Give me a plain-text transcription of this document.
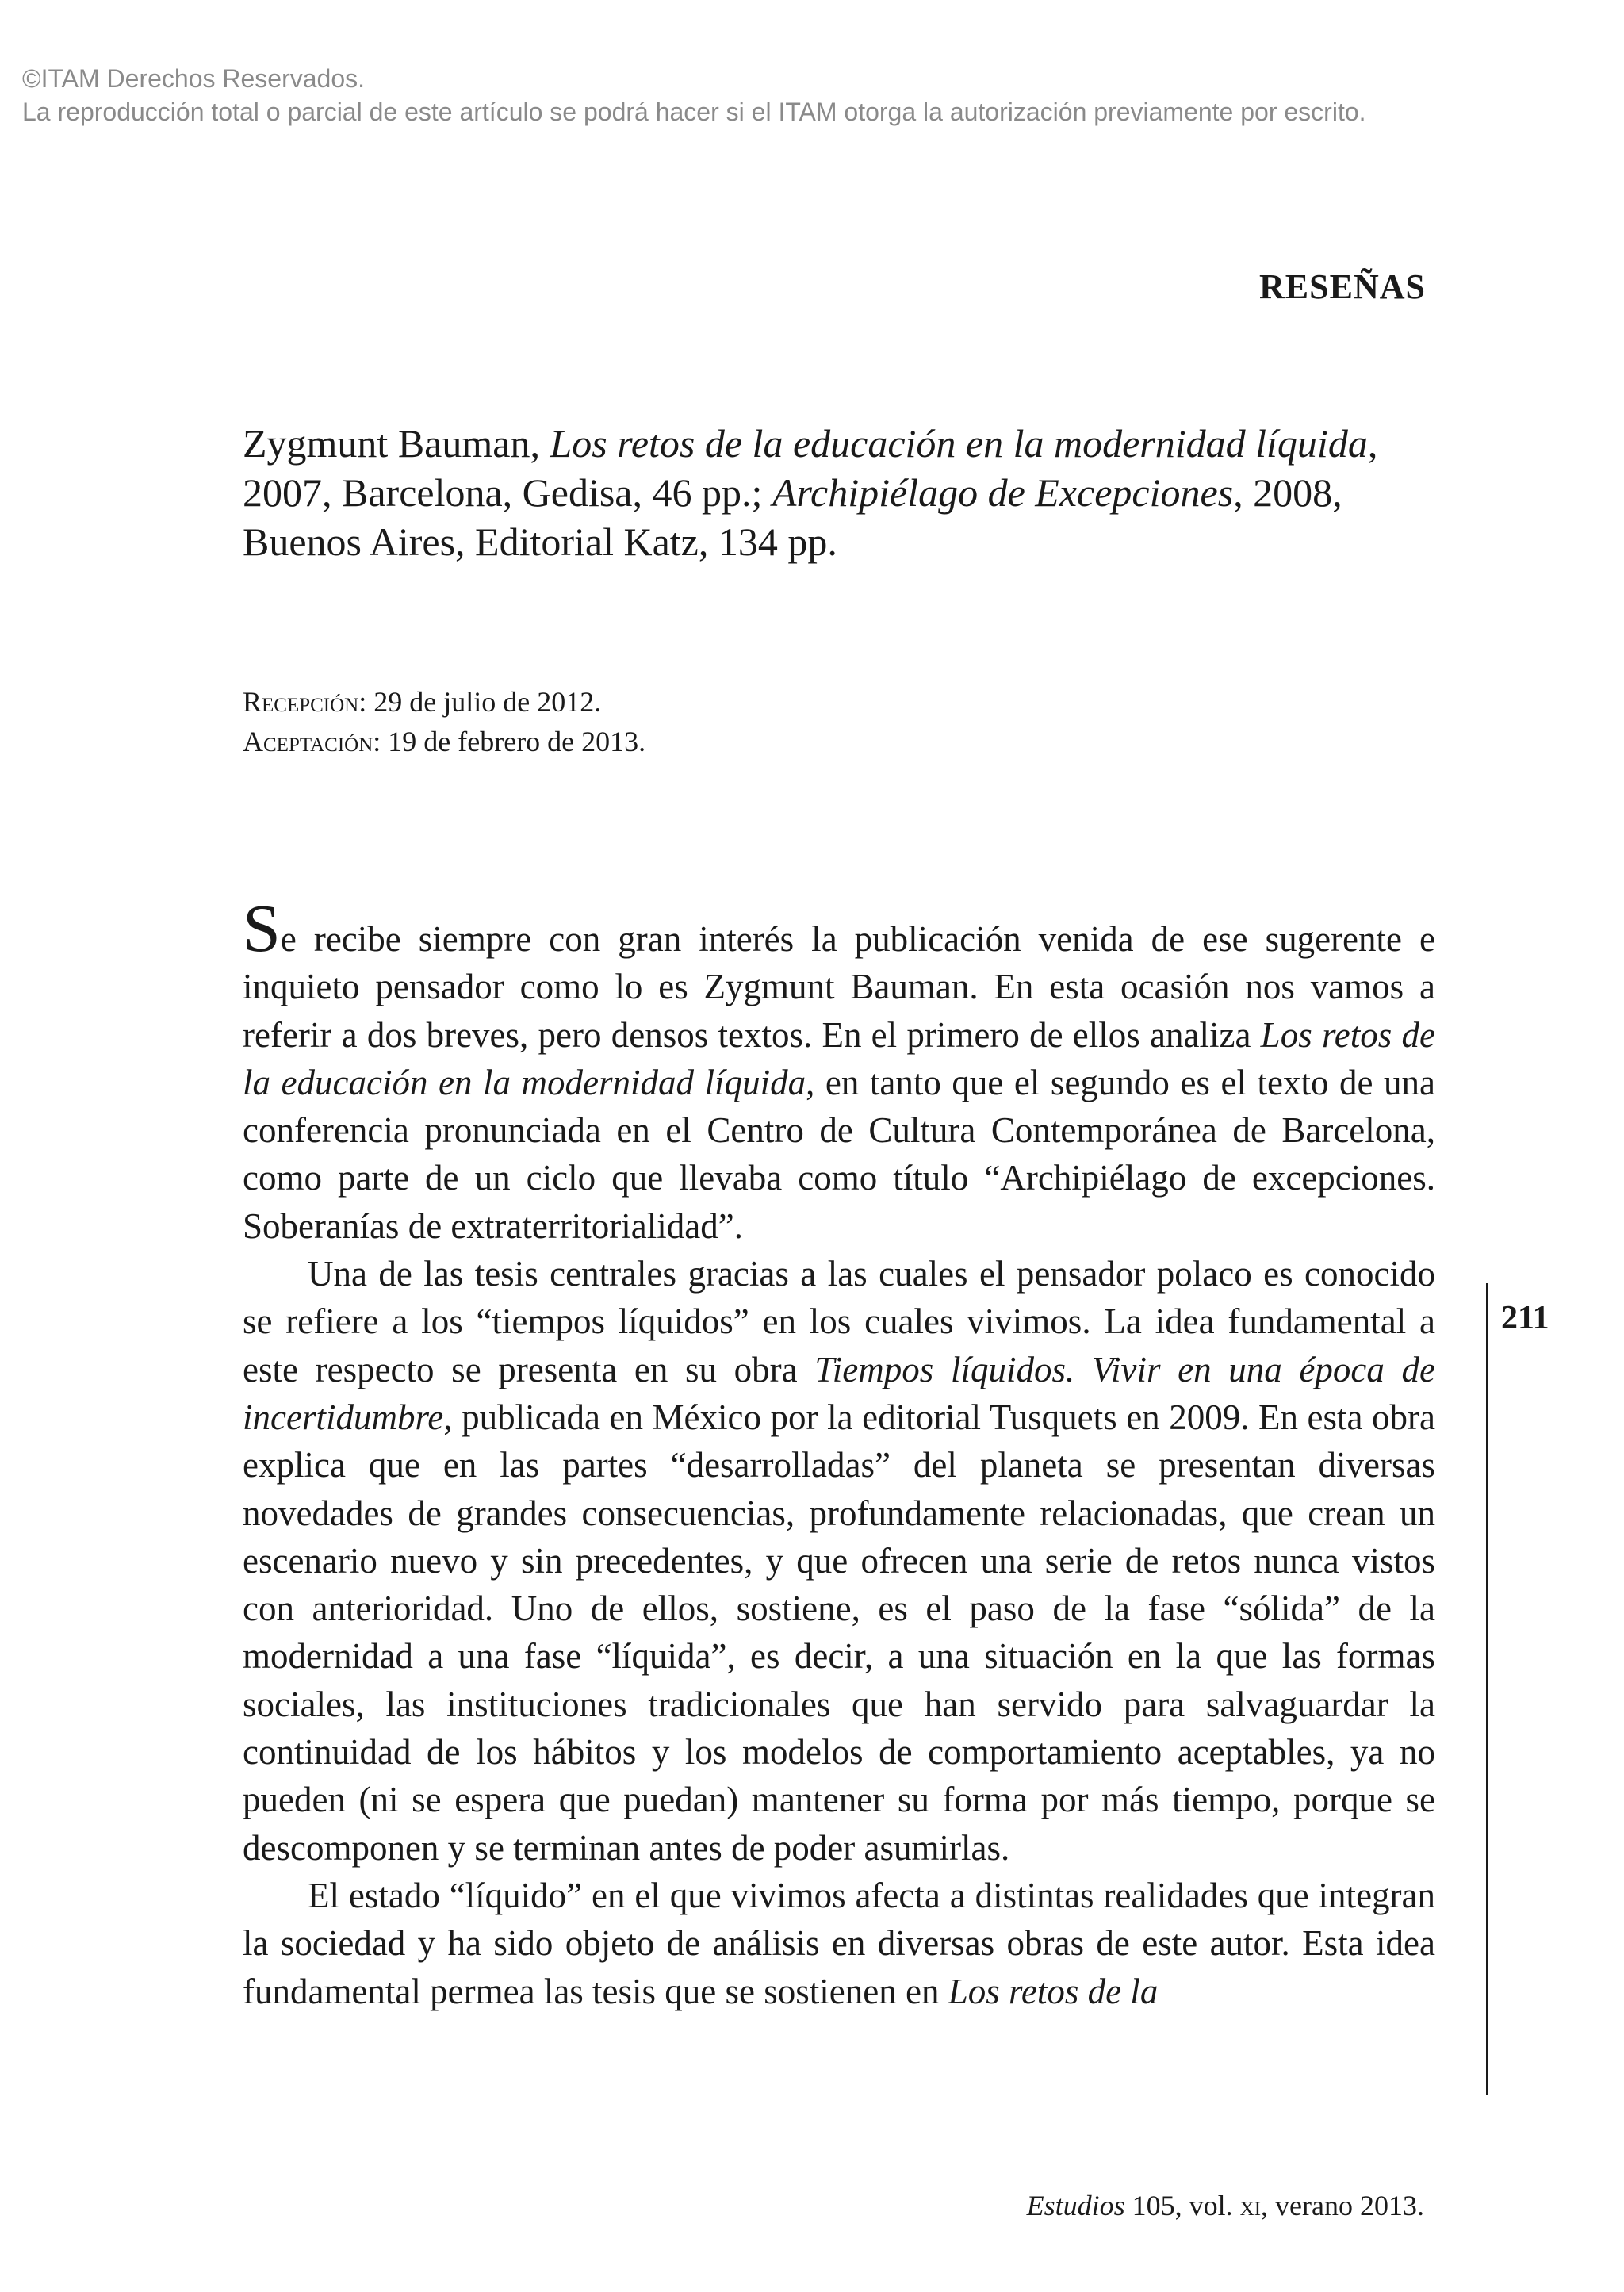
©ITAM Derechos Reservados.
La reproducción total o parcial de este artículo se podrá hacer si el ITAM otorga la autorización previamente por escrito.
RESEÑAS
Zygmunt Bauman, Los retos de la educación en la modernidad líquida, 2007, Barcelona, Gedisa, 46 pp.; Archipiélago de Excepciones, 2008, Buenos Aires, Editorial Katz, 134 pp.
Recepción: 29 de julio de 2012.
Aceptación: 19 de febrero de 2013.

Se recibe siempre con gran interés la publicación venida de ese sugerente e inquieto pensador como lo es Zygmunt Bauman. En esta ocasión nos vamos a referir a dos breves, pero densos textos. En el primero de ellos analiza Los retos de la educación en la modernidad líquida, en tanto que el segundo es el texto de una conferencia pronunciada en el Centro de Cultura Contemporánea de Barcelona, como parte de un ciclo que llevaba como título “Archipiélago de excepciones. Soberanías de extraterritorialidad”.

Una de las tesis centrales gracias a las cuales el pensador polaco es conocido se refiere a los “tiempos líquidos” en los cuales vivimos. La idea fundamental a este respecto se presenta en su obra Tiempos líquidos. Vivir en una época de incertidumbre, publicada en México por la editorial Tusquets en 2009. En esta obra explica que en las partes “desarrolladas” del planeta se presentan diversas novedades de grandes consecuencias, profundamente relacionadas, que crean un escenario nuevo y sin precedentes, y que ofrecen una serie de retos nunca vistos con anterioridad. Uno de ellos, sostiene, es el paso de la fase “sólida” de la modernidad a una fase “líquida”, es decir, a una situación en la que las formas sociales, las instituciones tradicionales que han servido para salvaguardar la continuidad de los hábitos y los modelos de comportamiento aceptables, ya no pueden (ni se espera que puedan) mantener su forma por más tiempo, porque se descomponen y se terminan antes de poder asumirlas.

El estado “líquido” en el que vivimos afecta a distintas realidades que integran la sociedad y ha sido objeto de análisis en diversas obras de este autor. Esta idea fundamental permea las tesis que se sostienen en Los retos de la

211
Estudios 105, vol. xi, verano 2013.
